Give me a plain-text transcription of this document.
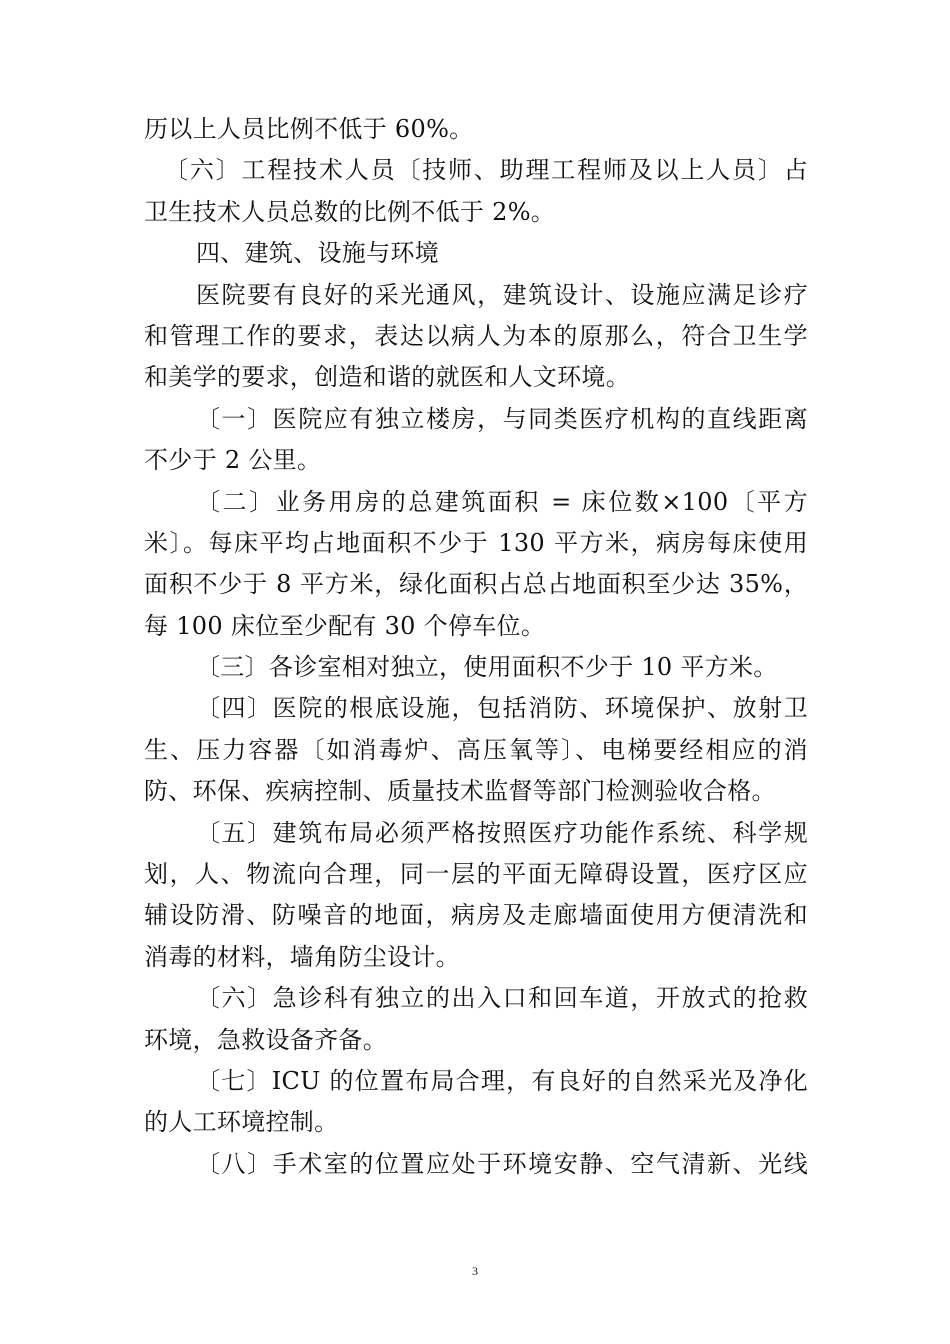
历以上人员比例不低于 60%。
〔六〕工程技术人员〔技师、助理工程师及以上人员〕占
卫生技术人员总数的比例不低于 2%。
四、建筑、设施与环境
医院要有良好的采光通风，建筑设计、设施应满足诊疗
和管理工作的要求，表达以病人为本的原那么，符合卫生学
和美学的要求，创造和谐的就医和人文环境。
〔一〕医院应有独立楼房，与同类医疗机构的直线距离
不少于 2 公里。
〔二〕业务用房的总建筑面积 = 床位数×100〔平方
米〕。每床平均占地面积不少于 130 平方米，病房每床使用
面积不少于 8 平方米，绿化面积占总占地面积至少达 35%，
每 100 床位至少配有 30 个停车位。
〔三〕各诊室相对独立，使用面积不少于 10 平方米。
〔四〕医院的根底设施，包括消防、环境保护、放射卫
生、压力容器〔如消毒炉、高压氧等〕、电梯要经相应的消
防、环保、疾病控制、质量技术监督等部门检测验收合格。
〔五〕建筑布局必须严格按照医疗功能作系统、科学规
划，人、物流向合理，同一层的平面无障碍设置，医疗区应
辅设防滑、防噪音的地面，病房及走廊墙面使用方便清洗和
消毒的材料，墙角防尘设计。
〔六〕急诊科有独立的出入口和回车道，开放式的抢救
环境，急救设备齐备。
〔七〕ICU 的位置布局合理，有良好的自然采光及净化
的人工环境控制。
〔八〕手术室的位置应处于环境安静、空气清新、光线
3
